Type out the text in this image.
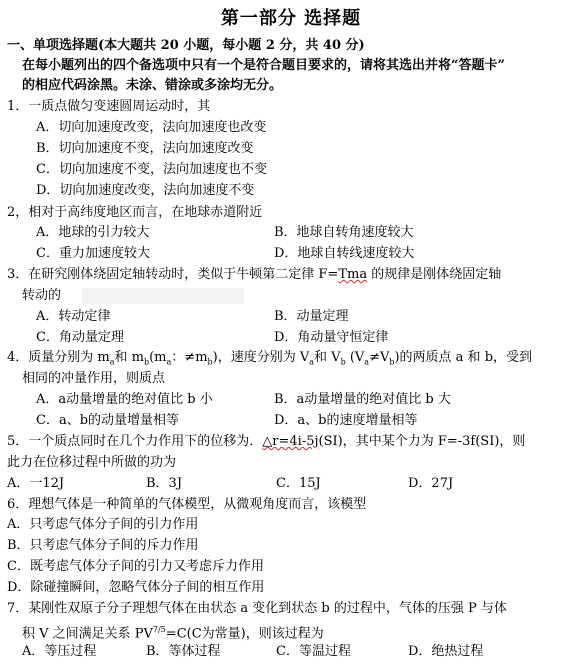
第一部分 选择题
一、单项选择题(本大题共 20 小题，每小题 2 分，共 40 分)
在每小题列出的四个备选项中只有一个是符合题目要求的，请将其选出并将“答题卡”
的相应代码涂黑。未涂、错涂或多涂均无分。
1．一质点做匀变速圆周运动时，其
A．切向加速度改变，法向加速度也改变
B．切向加速度不变，法向加速度改变
C．切向加速度不变，法向加速度也不变
D．切向加速度改变，法向加速度不变
2，相对于高纬度地区而言，在地球赤道附近
A．地球的引力较大	B．地球自转角速度较大
C．重力加速度较大	D．地球自转线速度较大
3．在研究刚体绕固定轴转动时，类似于牛顿第二定律 F=Tma 的规律是刚体绕固定轴
转动的
A．转动定律	B．动量定理
C．角动量定理	D．角动量守恒定律
4．质量分别为 $m_a$和 $m_b(m_a$：$\ne m_b$)，速度分别为 $V_a$和 $V_b$ $(V_a\ne V_b)$的两质点 a 和 b，受到
相同的冲量作用，则质点
A．a动量增量的绝对值比 b 小	B．a动量增量的绝对值比 b 大
C．a、b的动量增量相等	D．a、b的速度增量相等
5．一个质点同时在几个力作用下的位移为．△r=4i-5j(SI)，其中某个力为 F=-3f(SI)，则
此力在位移过程中所做的功为
A．一12J	B．3J	C．15J	D．27J
6．理想气体是一种简单的气体模型，从微观角度而言，该模型
A．只考虑气体分子间的引力作用
B．只考虑气体分子间的斥力作用
C．既考虑气体分子间的引力又考虑斥力作用
D．除碰撞瞬间，忽略气体分子间的相互作用
7．某刚性双原子分子理想气体在由状态 a 变化到状态 b 的过程中，气体的压强 P 与体
积 V 之间满足关系 $PV^{7/5}=C(C$为常量)，则该过程为
A．等压过程	B．等体过程	C．等温过程	D．绝热过程
